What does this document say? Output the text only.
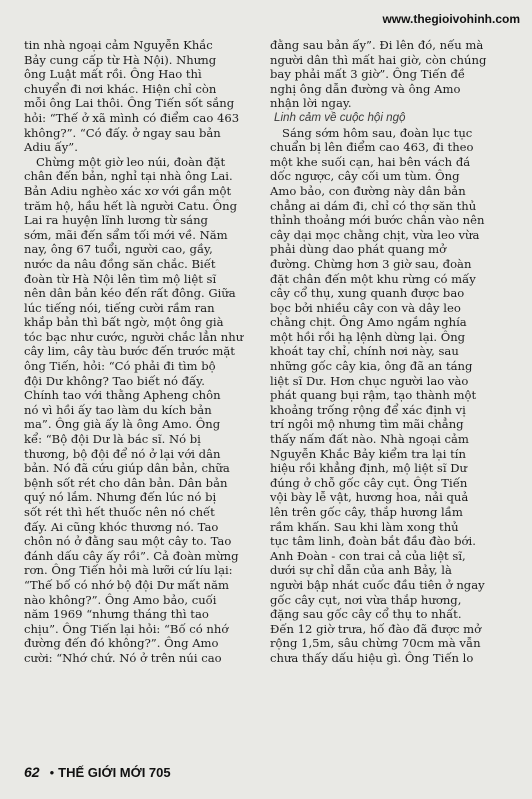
www.thegioivohinh.com
tin nhà ngoại cảm Nguyễn Khắc
Bảy cung cấp từ Hà Nội). Nhưng
ông Luật mất rồi. Ông Hao thì
chuyển đi nơi khác. Hiện chỉ còn
mỗi ông Lai thôi. Ông Tiến sốt sắng
hỏi: “Thế ở xã mình có điểm cao 463
không?”. “Có đấy. ở ngay sau bản
Adiu ấy”.
Chừng một giờ leo núi, đoàn đặt
chân đến bản, nghỉ tại nhà ông Lai.
Bản Adiu nghèo xác xơ với gần một
trăm hộ, hầu hết là người Catu. Ông
Lai ra huyện lĩnh lương từ sáng
sớm, mãi đến sẩm tối mới về. Năm
nay, ông 67 tuổi, người cao, gầy,
nước da nâu đồng săn chắc. Biết
đoàn từ Hà Nội lên tìm mộ liệt sĩ
nên dân bản kéo đến rất đông. Giữa
lúc tiếng nói, tiếng cười rầm ran
khắp bản thì bất ngờ, một ông già
tóc bạc như cước, người chắc lẳn như
cây lim, cây tàu bước đến trước mặt
ông Tiến, hỏi: “Có phải đi tìm bộ
đội Dư không? Tao biết nó đấy.
Chính tao với thằng Apheng chôn
nó vì hồi ấy tao làm du kích bản
ma”. Ông già ấy là ông Amo. Ông
kể: “Bộ đội Dư là bác sĩ. Nó bị
thương, bộ đội để nó ở lại với dân
bản. Nó đã cứu giúp dân bản, chữa
bệnh sốt rét cho dân bản. Dân bản
quý nó lắm. Nhưng đến lúc nó bị
sốt rét thì hết thuốc nên nó chết
đấy. Ai cũng khóc thương nó. Tao
chôn nó ở đằng sau một cây to. Tao
đánh dấu cây ấy rồi”. Cả đoàn mừng
rơn. Ông Tiến hỏi mà lưỡi cứ líu lại:
“Thế bố có nhớ bộ đội Dư mất năm
nào không?”. Ông Amo bảo, cuối
năm 1969 “nhưng tháng thì tao
chịu”. Ông Tiến lại hỏi: “Bố có nhớ
đường đến đó không?”. Ông Amo
cười: “Nhớ chứ. Nó ở trên núi cao
đằng sau bản ấy”. Đi lên đó, nếu mà
người dân thì mất hai giờ, còn chúng
bay phải mất 3 giờ”. Ông Tiến đề
nghị ông dẫn đường và ông Amo
nhận lời ngay.
Linh cảm về cuộc hội ngộ
Sáng sớm hôm sau, đoàn lục tục
chuẩn bị lên điểm cao 463, đi theo
một khe suối cạn, hai bên vách đá
dốc ngược, cây cối um tùm. Ông
Amo bảo, con đường này dân bản
chẳng ai dám đi, chỉ có thợ săn thủ
thỉnh thoảng mới bước chân vào nên
cây dại mọc chằng chịt, vừa leo vừa
phải dùng dao phát quang mở
đường. Chừng hơn 3 giờ sau, đoàn
đặt chân đến một khu rừng có mấy
cây cổ thụ, xung quanh được bao
bọc bởi nhiều cây con và dây leo
chằng chịt. Ông Amo ngắm nghía
một hồi rồi hạ lệnh dừng lại. Ông
khoát tay chỉ, chính nơi này, sau
những gốc cây kia, ông đã an táng
liệt sĩ Dư. Hơn chục người lao vào
phát quang bụi rậm, tạo thành một
khoảng trống rộng để xác định vị
trí ngôi mộ nhưng tìm mãi chẳng
thấy nấm đất nào. Nhà ngoại cảm
Nguyễn Khắc Bảy kiểm tra lại tín
hiệu rồi khẳng định, mộ liệt sĩ Dư
đúng ở chỗ gốc cây cụt. Ông Tiến
vội bày lễ vật, hương hoa, nải quả
lên trên gốc cây, thắp hương lầm
rầm khấn. Sau khi làm xong thủ
tục tâm linh, đoàn bắt đầu đào bới.
Anh Đoàn - con trai cả của liệt sĩ,
dưới sự chỉ dẫn của anh Bảy, là
người bập nhát cuốc đầu tiên ở ngay
gốc cây cụt, nơi vừa thắp hương,
đặng sau gốc cây cổ thụ to nhất.
Đến 12 giờ trưa, hố đào đã được mở
rộng 1,5m, sâu chừng 70cm mà vẫn
chưa thấy dấu hiệu gì. Ông Tiến lo
62 • THẾ GIỚI MỚI 705
